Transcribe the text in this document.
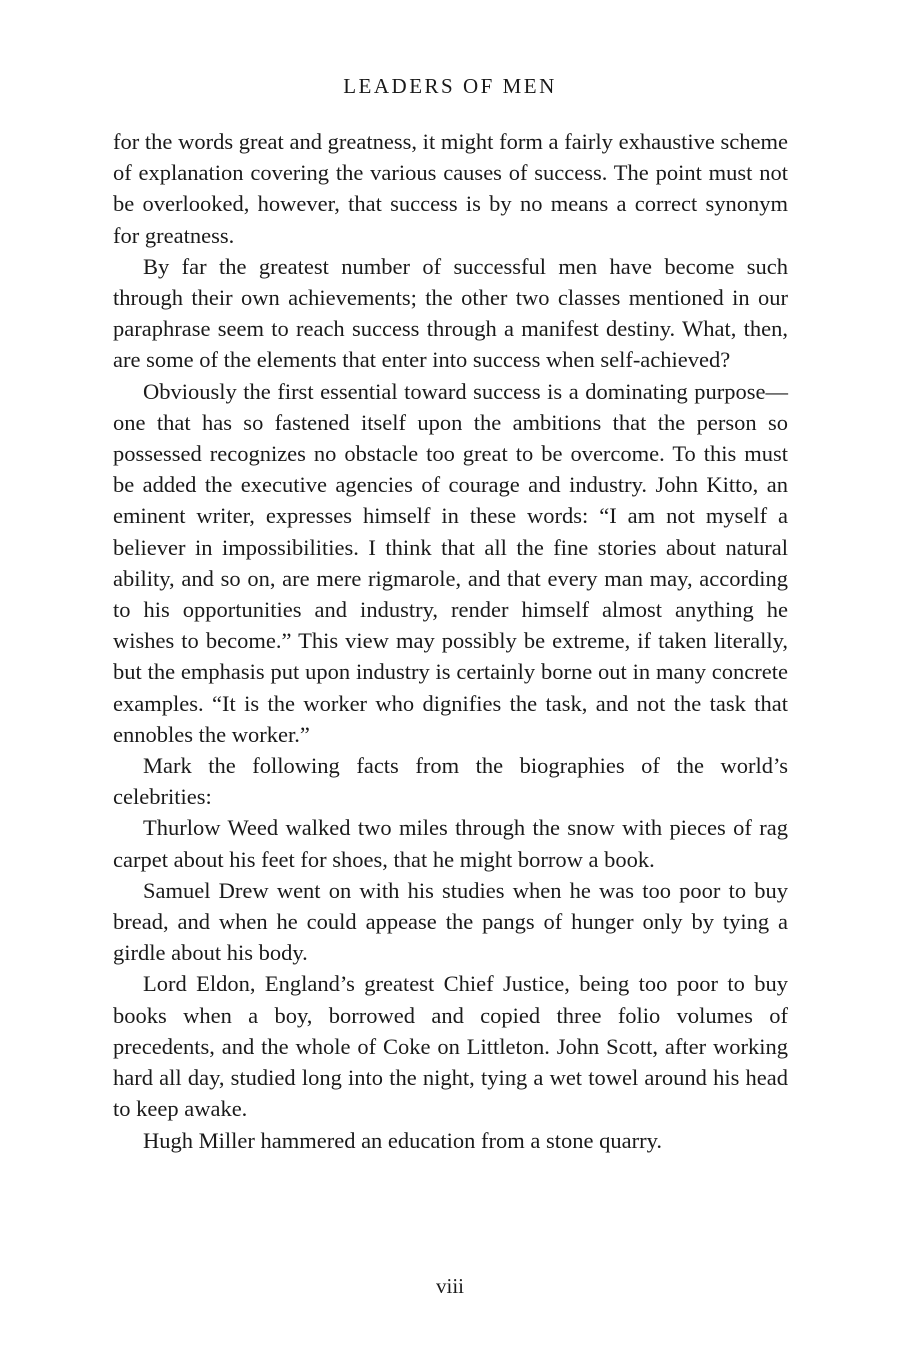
LEADERS OF MEN

for the words great and greatness, it might form a fairly exhaustive scheme of explanation covering the various causes of success. The point must not be overlooked, however, that success is by no means a correct synonym for greatness.

By far the greatest number of successful men have become such through their own achievements; the other two classes mentioned in our paraphrase seem to reach success through a manifest destiny. What, then, are some of the elements that enter into success when self-achieved?

Obviously the first essential toward success is a dominating purpose—one that has so fastened itself upon the ambitions that the person so possessed recognizes no obstacle too great to be overcome. To this must be added the executive agencies of courage and industry. John Kitto, an eminent writer, expresses himself in these words: “I am not myself a believer in impossibilities. I think that all the fine stories about natural ability, and so on, are mere rigmarole, and that every man may, according to his opportunities and industry, render himself almost anything he wishes to become.” This view may possibly be extreme, if taken literally, but the emphasis put upon industry is certainly borne out in many concrete examples. “It is the worker who dignifies the task, and not the task that ennobles the worker.”

Mark the following facts from the biographies of the world’s celebrities:

Thurlow Weed walked two miles through the snow with pieces of rag carpet about his feet for shoes, that he might borrow a book.

Samuel Drew went on with his studies when he was too poor to buy bread, and when he could appease the pangs of hunger only by tying a girdle about his body.

Lord Eldon, England’s greatest Chief Justice, being too poor to buy books when a boy, borrowed and copied three folio volumes of precedents, and the whole of Coke on Littleton. John Scott, after working hard all day, studied long into the night, tying a wet towel around his head to keep awake.

Hugh Miller hammered an education from a stone quarry.

viii
